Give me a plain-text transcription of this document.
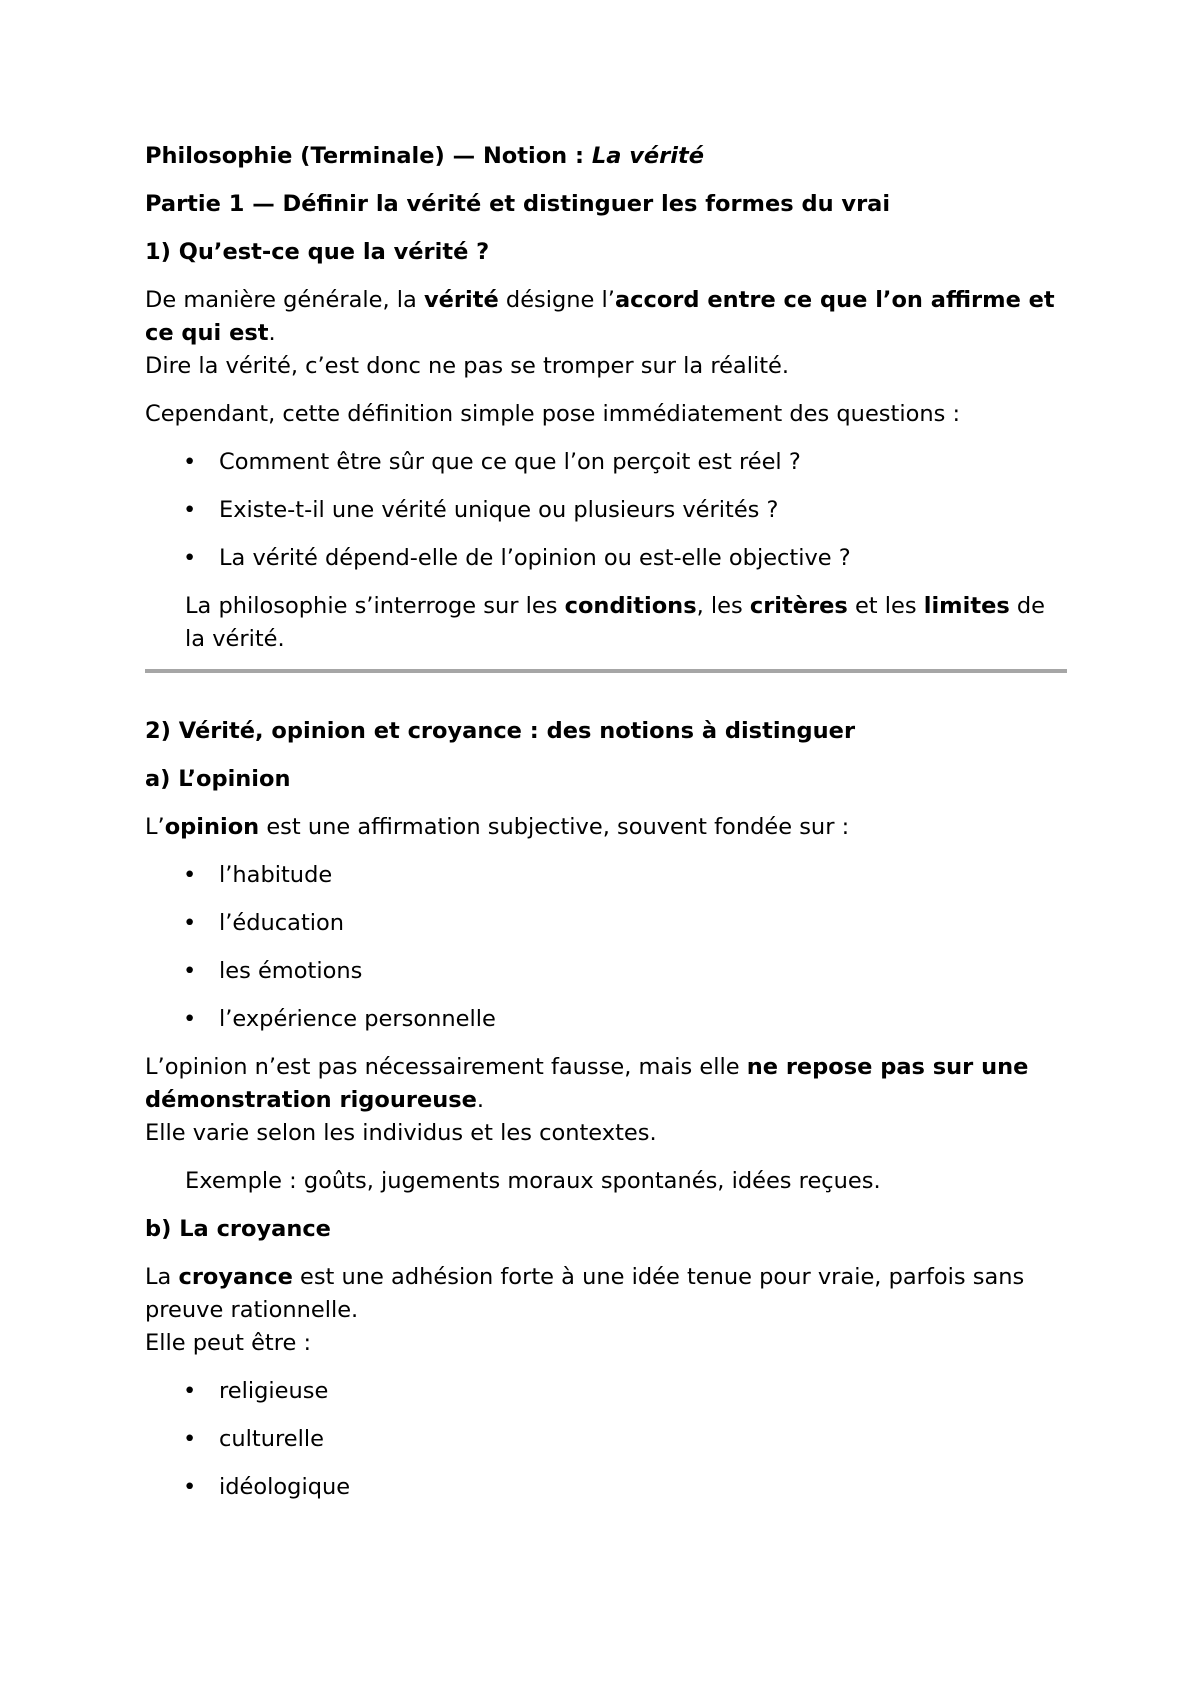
Philosophie (Terminale) — Notion : La vérité

Partie 1 — Définir la vérité et distinguer les formes du vrai

1) Qu’est-ce que la vérité ?

De manière générale, la vérité désigne l’accord entre ce que l’on affirme et ce qui est.
Dire la vérité, c’est donc ne pas se tromper sur la réalité.

Cependant, cette définition simple pose immédiatement des questions :

• Comment être sûr que ce que l’on perçoit est réel ?
• Existe-t-il une vérité unique ou plusieurs vérités ?
• La vérité dépend-elle de l’opinion ou est-elle objective ?

La philosophie s’interroge sur les conditions, les critères et les limites de la vérité.

2) Vérité, opinion et croyance : des notions à distinguer

a) L’opinion

L’opinion est une affirmation subjective, souvent fondée sur :

• l’habitude
• l’éducation
• les émotions
• l’expérience personnelle

L’opinion n’est pas nécessairement fausse, mais elle ne repose pas sur une démonstration rigoureuse.
Elle varie selon les individus et les contextes.

Exemple : goûts, jugements moraux spontanés, idées reçues.

b) La croyance

La croyance est une adhésion forte à une idée tenue pour vraie, parfois sans preuve rationnelle.
Elle peut être :

• religieuse
• culturelle
• idéologique
